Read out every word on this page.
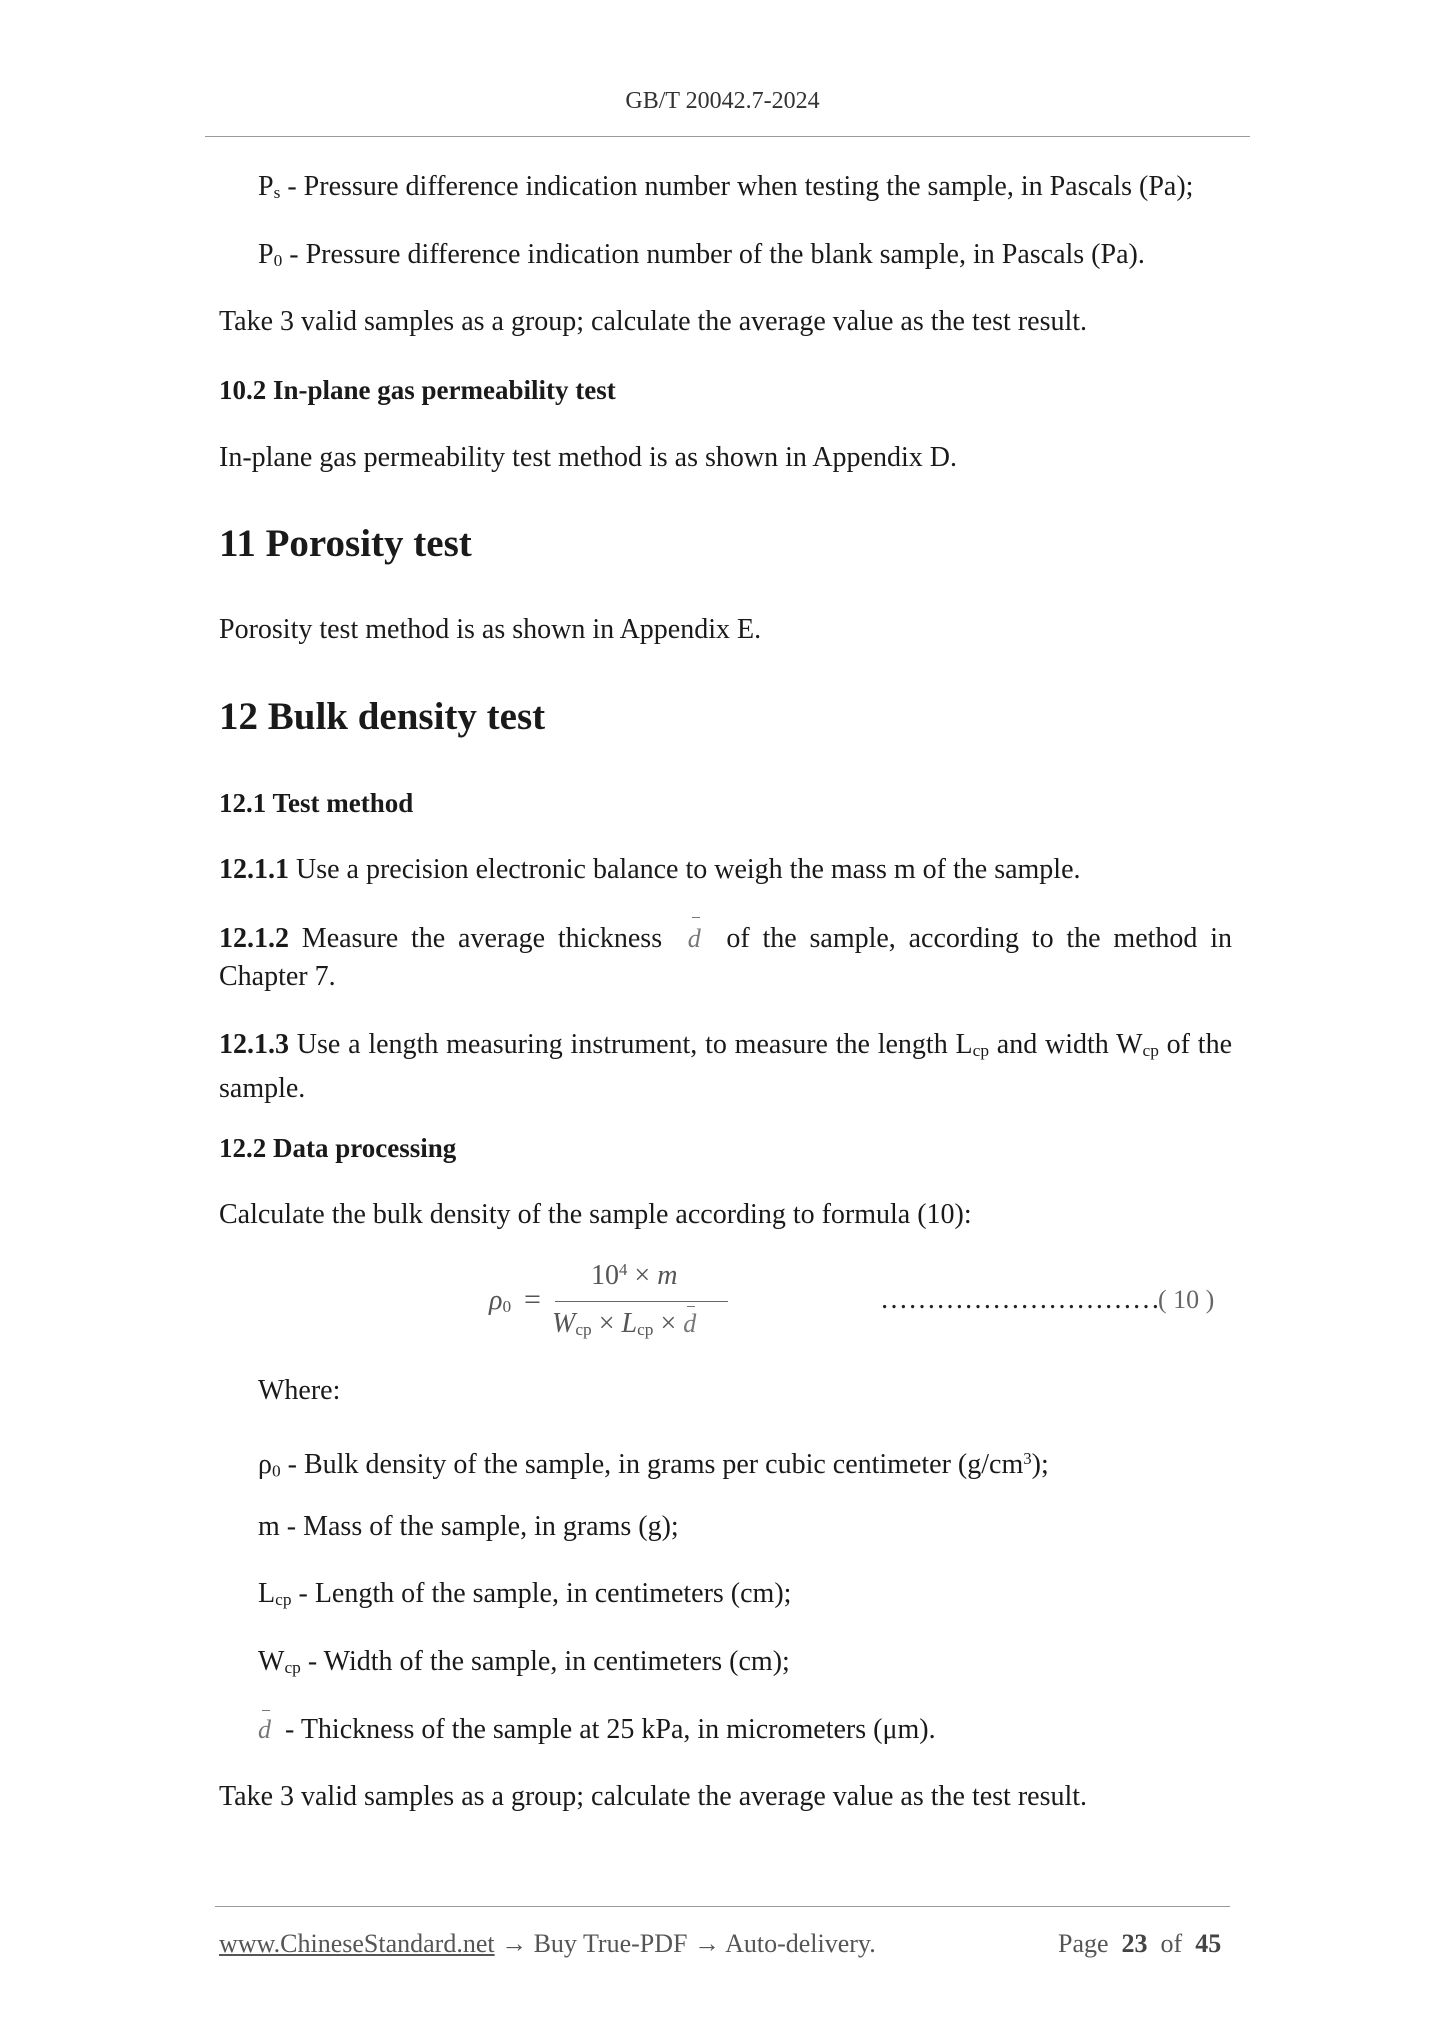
GB/T 20042.7-2024
Ps - Pressure difference indication number when testing the sample, in Pascals (Pa);
P0 - Pressure difference indication number of the blank sample, in Pascals (Pa).
Take 3 valid samples as a group; calculate the average value as the test result.
10.2 In-plane gas permeability test
In-plane gas permeability test method is as shown in Appendix D.
11 Porosity test
Porosity test method is as shown in Appendix E.
12 Bulk density test
12.1 Test method
12.1.1 Use a precision electronic balance to weigh the mass m of the sample.
12.1.2 Measure the average thickness  d  of the sample, according to the method in Chapter 7.
12.1.3 Use a length measuring instrument, to measure the length Lcp and width Wcp of the sample.
12.2 Data processing
Calculate the bulk density of the sample according to formula (10):
ρ0 =
$10^4 \times m$
Wcp × Lcp × d
…………………………
( 10 )
Where:
ρ0 - Bulk density of the sample, in grams per cubic centimeter $(g/cm^3)$;
m - Mass of the sample, in grams (g);
Lcp - Length of the sample, in centimeters (cm);
Wcp - Width of the sample, in centimeters (cm);
d  - Thickness of the sample at 25 kPa, in micrometers (μm).
Take 3 valid samples as a group; calculate the average value as the test result.
www.ChineseStandard.net → Buy True-PDF → Auto-delivery.	Page 23 of 45
